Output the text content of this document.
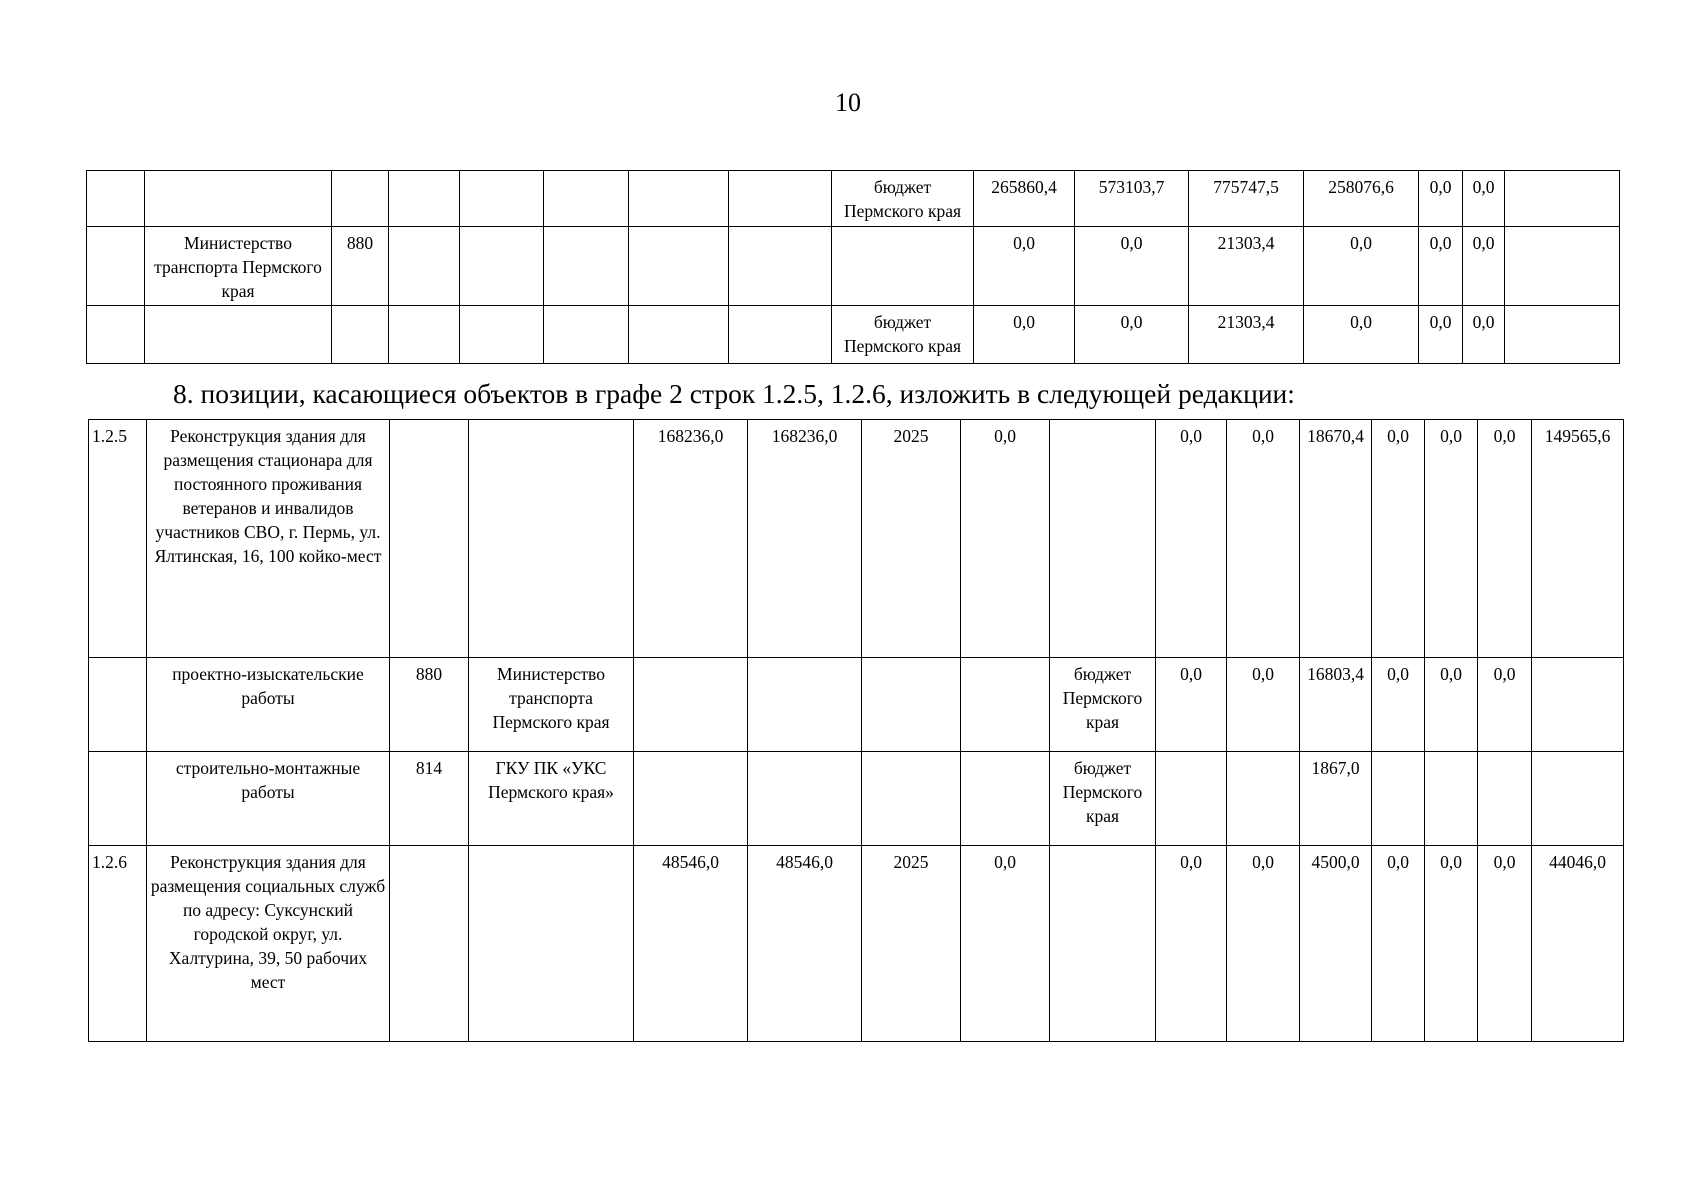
10
								бюджет Пермского края	265860,4	573103,7	775747,5	258076,6	0,0	0,0	
	Министерство транспорта Пермского края	880							0,0	0,0	21303,4	0,0	0,0	0,0	
								бюджет Пермского края	0,0	0,0	21303,4	0,0	0,0	0,0	
8. позиции, касающиеся объектов в графе 2 строк 1.2.5, 1.2.6, изложить в следующей редакции:
1.2.5	Реконструкция здания для размещения стационара для постоянного проживания ветеранов и инвалидов участников СВО, г. Пермь, ул. Ялтинская, 16, 100 койко-мест			168236,0	168236,0	2025	0,0		0,0	0,0	18670,4	0,0	0,0	0,0	149565,6
	проектно-изыскательские работы	880	Министерство транспорта Пермского края					бюджет Пермского края	0,0	0,0	16803,4	0,0	0,0	0,0	
	строительно-монтажные работы	814	ГКУ ПК «УКС Пермского края»					бюджет Пермского края			1867,0				
1.2.6	Реконструкция здания для размещения социальных служб по адресу: Суксунский городской округ, ул. Халтурина, 39, 50 рабочих мест			48546,0	48546,0	2025	0,0		0,0	0,0	4500,0	0,0	0,0	0,0	44046,0
